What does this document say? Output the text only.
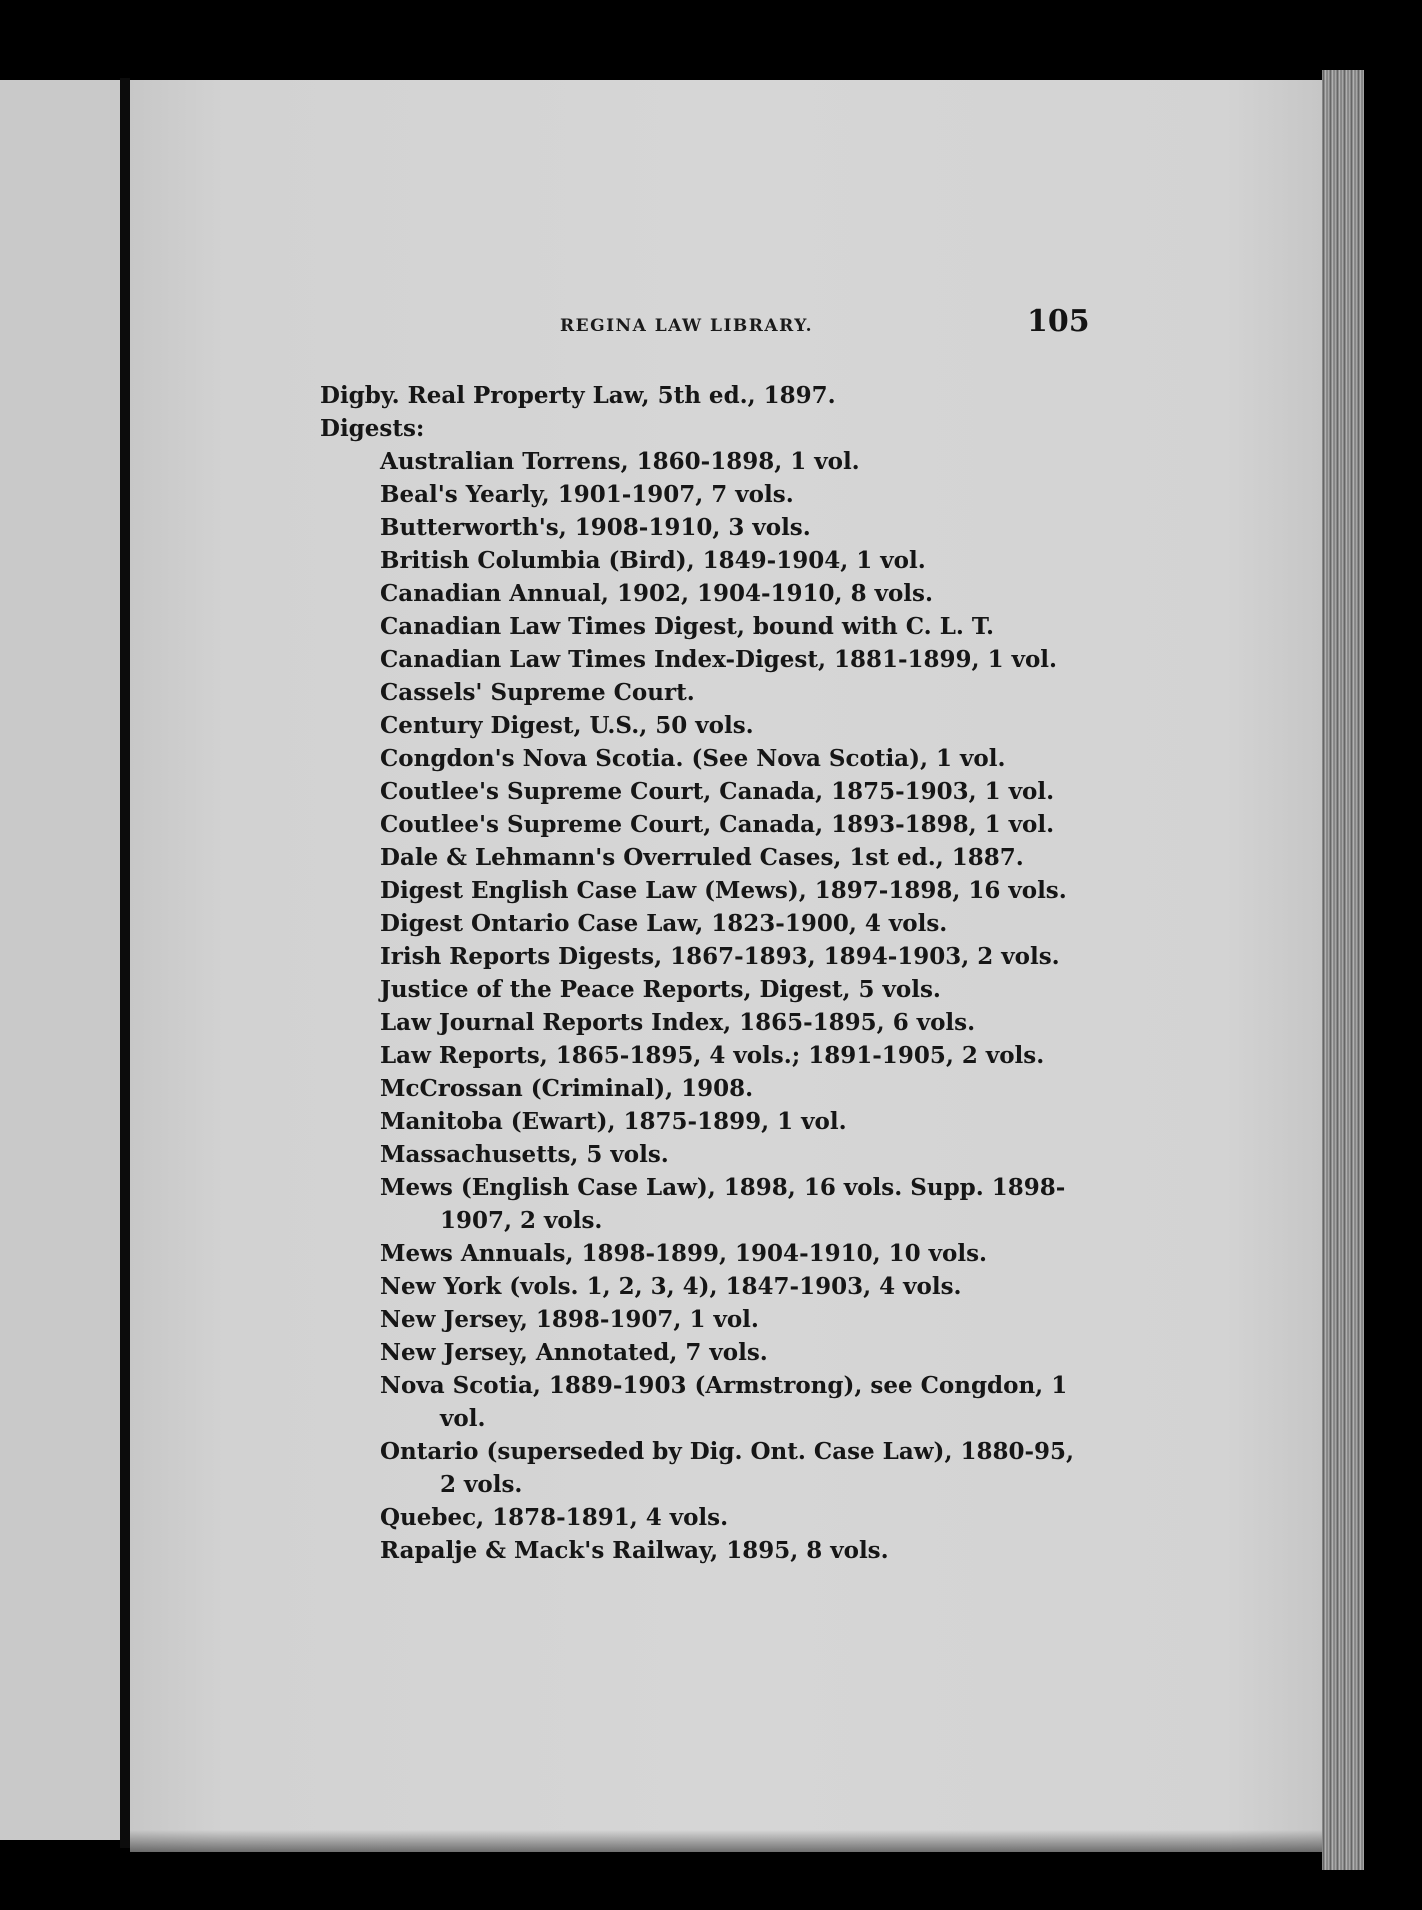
REGINA LAW LIBRARY.	105
Digby. Real Property Law, 5th ed., 1897.
Digests:
Australian Torrens, 1860-1898, 1 vol.
Beal's Yearly, 1901-1907, 7 vols.
Butterworth's, 1908-1910, 3 vols.
British Columbia (Bird), 1849-1904, 1 vol.
Canadian Annual, 1902, 1904-1910, 8 vols.
Canadian Law Times Digest, bound with C. L. T.
Canadian Law Times Index-Digest, 1881-1899, 1 vol.
Cassels' Supreme Court.
Century Digest, U.S., 50 vols.
Congdon's Nova Scotia. (See Nova Scotia), 1 vol.
Coutlee's Supreme Court, Canada, 1875-1903, 1 vol.
Coutlee's Supreme Court, Canada, 1893-1898, 1 vol.
Dale & Lehmann's Overruled Cases, 1st ed., 1887.
Digest English Case Law (Mews), 1897-1898, 16 vols.
Digest Ontario Case Law, 1823-1900, 4 vols.
Irish Reports Digests, 1867-1893, 1894-1903, 2 vols.
Justice of the Peace Reports, Digest, 5 vols.
Law Journal Reports Index, 1865-1895, 6 vols.
Law Reports, 1865-1895, 4 vols.; 1891-1905, 2 vols.
McCrossan (Criminal), 1908.
Manitoba (Ewart), 1875-1899, 1 vol.
Massachusetts, 5 vols.
Mews (English Case Law), 1898, 16 vols. Supp. 1898-
1907, 2 vols.
Mews Annuals, 1898-1899, 1904-1910, 10 vols.
New York (vols. 1, 2, 3, 4), 1847-1903, 4 vols.
New Jersey, 1898-1907, 1 vol.
New Jersey, Annotated, 7 vols.
Nova Scotia, 1889-1903 (Armstrong), see Congdon, 1
vol.
Ontario (superseded by Dig. Ont. Case Law), 1880-95,
2 vols.
Quebec, 1878-1891, 4 vols.
Rapalje & Mack's Railway, 1895, 8 vols.
